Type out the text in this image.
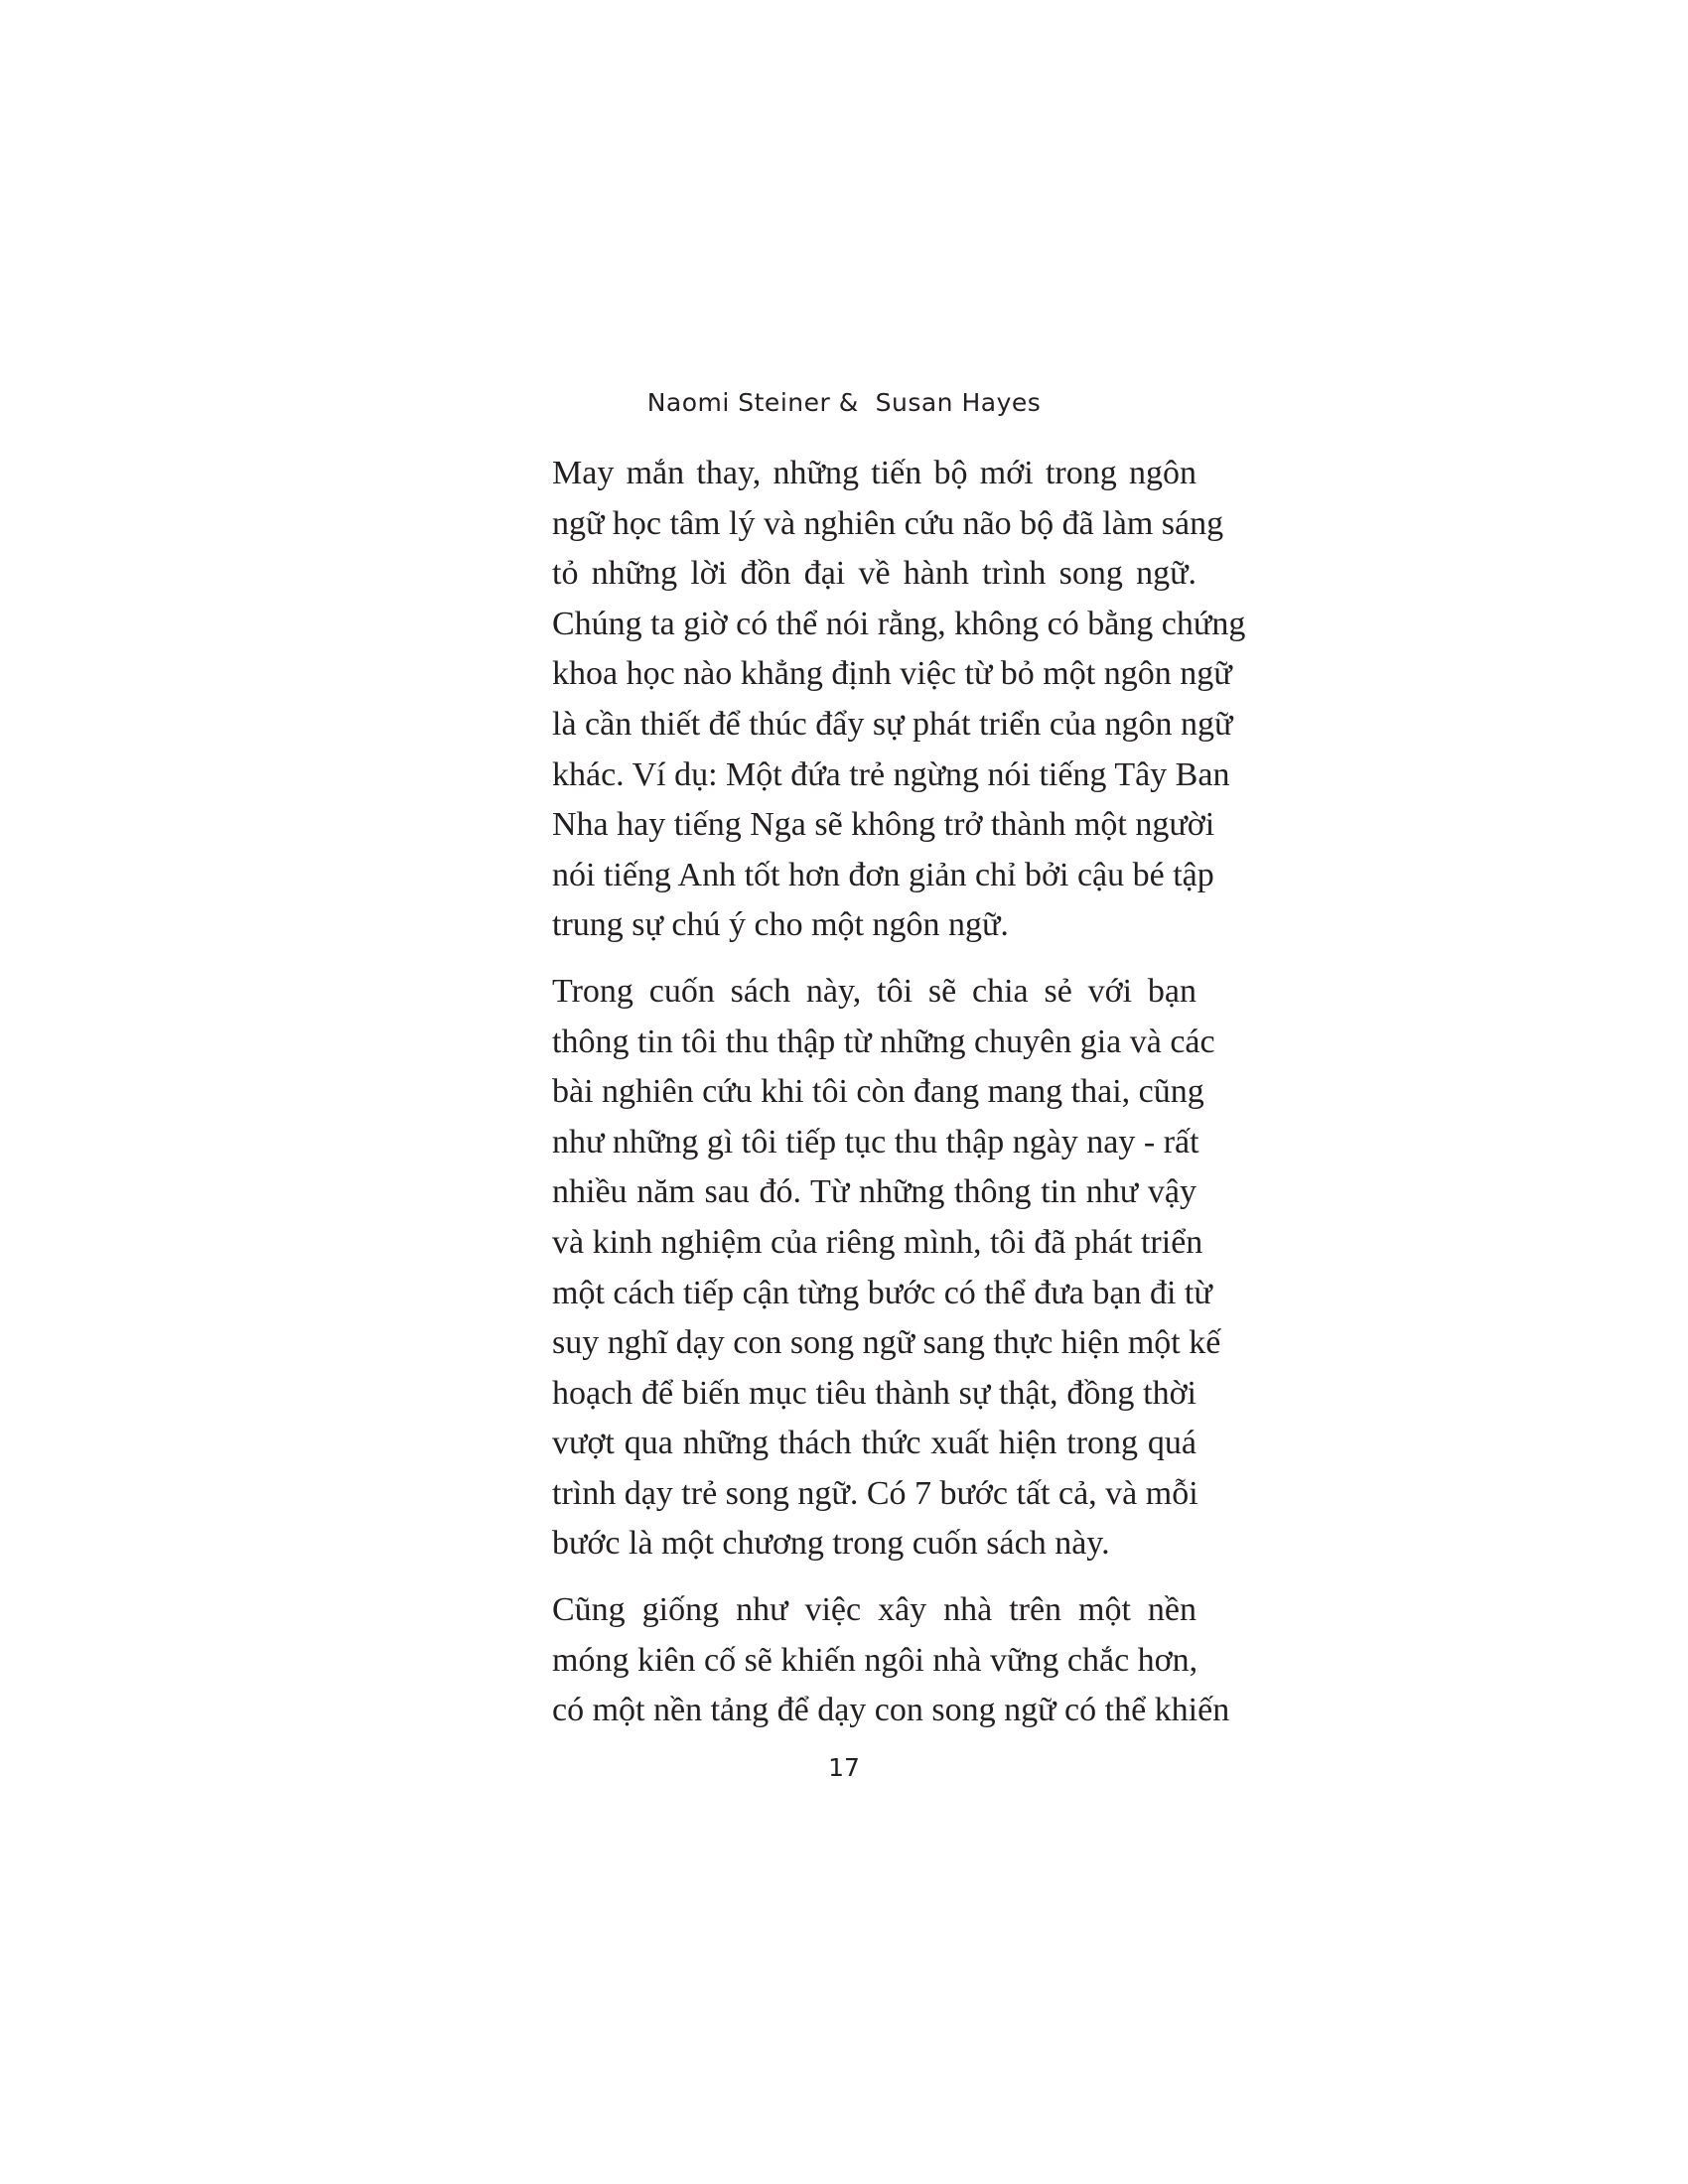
Naomi Steiner &  Susan Hayes

May mắn thay, những tiến bộ mới trong ngôn
ngữ học tâm lý và nghiên cứu não bộ đã làm sáng
tỏ những lời đồn đại về hành trình song ngữ.
Chúng ta giờ có thể nói rằng, không có bằng chứng
khoa học nào khẳng định việc từ bỏ một ngôn ngữ
là cần thiết để thúc đẩy sự phát triển của ngôn ngữ
khác. Ví dụ: Một đứa trẻ ngừng nói tiếng Tây Ban
Nha hay tiếng Nga sẽ không trở thành một người
nói tiếng Anh tốt hơn đơn giản chỉ bởi cậu bé tập
trung sự chú ý cho một ngôn ngữ.

Trong cuốn sách này, tôi sẽ chia sẻ với bạn
thông tin tôi thu thập từ những chuyên gia và các
bài nghiên cứu khi tôi còn đang mang thai, cũng
như những gì tôi tiếp tục thu thập ngày nay - rất
nhiều năm sau đó. Từ những thông tin như vậy
và kinh nghiệm của riêng mình, tôi đã phát triển
một cách tiếp cận từng bước có thể đưa bạn đi từ
suy nghĩ dạy con song ngữ sang thực hiện một kế
hoạch để biến mục tiêu thành sự thật, đồng thời
vượt qua những thách thức xuất hiện trong quá
trình dạy trẻ song ngữ. Có 7 bước tất cả, và mỗi
bước là một chương trong cuốn sách này.

Cũng giống như việc xây nhà trên một nền
móng kiên cố sẽ khiến ngôi nhà vững chắc hơn,
có một nền tảng để dạy con song ngữ có thể khiến

17
